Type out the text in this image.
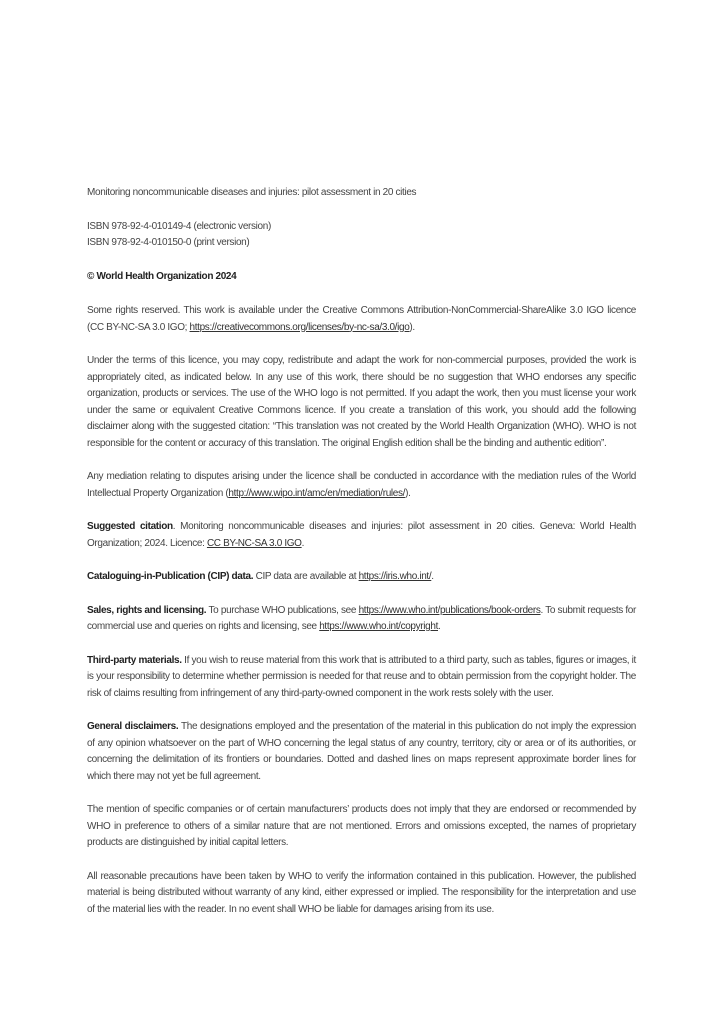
Monitoring noncommunicable diseases and injuries: pilot assessment in 20 cities

ISBN 978-92-4-010149-4 (electronic version)

ISBN 978-92-4-010150-0 (print version)

© World Health Organization 2024

Some rights reserved. This work is available under the Creative Commons Attribution-NonCommercial-ShareAlike 3.0 IGO licence (CC BY-NC-SA 3.0 IGO; https://creativecommons.org/licenses/by-nc-sa/3.0/igo).

Under the terms of this licence, you may copy, redistribute and adapt the work for non-commercial purposes, provided the work is appropriately cited, as indicated below. In any use of this work, there should be no suggestion that WHO endorses any specific organization, products or services. The use of the WHO logo is not permitted. If you adapt the work, then you must license your work under the same or equivalent Creative Commons licence. If you create a translation of this work, you should add the following disclaimer along with the suggested citation: “This translation was not created by the World Health Organization (WHO). WHO is not responsible for the content or accuracy of this translation. The original English edition shall be the binding and authentic edition”.

Any mediation relating to disputes arising under the licence shall be conducted in accordance with the mediation rules of the World Intellectual Property Organization (http://www.wipo.int/amc/en/mediation/rules/).

Suggested citation. Monitoring noncommunicable diseases and injuries: pilot assessment in 20 cities. Geneva: World Health Organization; 2024. Licence: CC BY-NC-SA 3.0 IGO.

Cataloguing-in-Publication (CIP) data. CIP data are available at https://iris.who.int/.

Sales, rights and licensing. To purchase WHO publications, see https://www.who.int/publications/book-orders. To submit requests for commercial use and queries on rights and licensing, see https://www.who.int/copyright.

Third-party materials. If you wish to reuse material from this work that is attributed to a third party, such as tables, figures or images, it is your responsibility to determine whether permission is needed for that reuse and to obtain permission from the copyright holder. The risk of claims resulting from infringement of any third-party-owned component in the work rests solely with the user.

General disclaimers. The designations employed and the presentation of the material in this publication do not imply the expression of any opinion whatsoever on the part of WHO concerning the legal status of any country, territory, city or area or of its authorities, or concerning the delimitation of its frontiers or boundaries. Dotted and dashed lines on maps represent approximate border lines for which there may not yet be full agreement.

The mention of specific companies or of certain manufacturers’ products does not imply that they are endorsed or recommended by WHO in preference to others of a similar nature that are not mentioned. Errors and omissions excepted, the names of proprietary products are distinguished by initial capital letters.

All reasonable precautions have been taken by WHO to verify the information contained in this publication. However, the published material is being distributed without warranty of any kind, either expressed or implied. The responsibility for the interpretation and use of the material lies with the reader. In no event shall WHO be liable for damages arising from its use.
